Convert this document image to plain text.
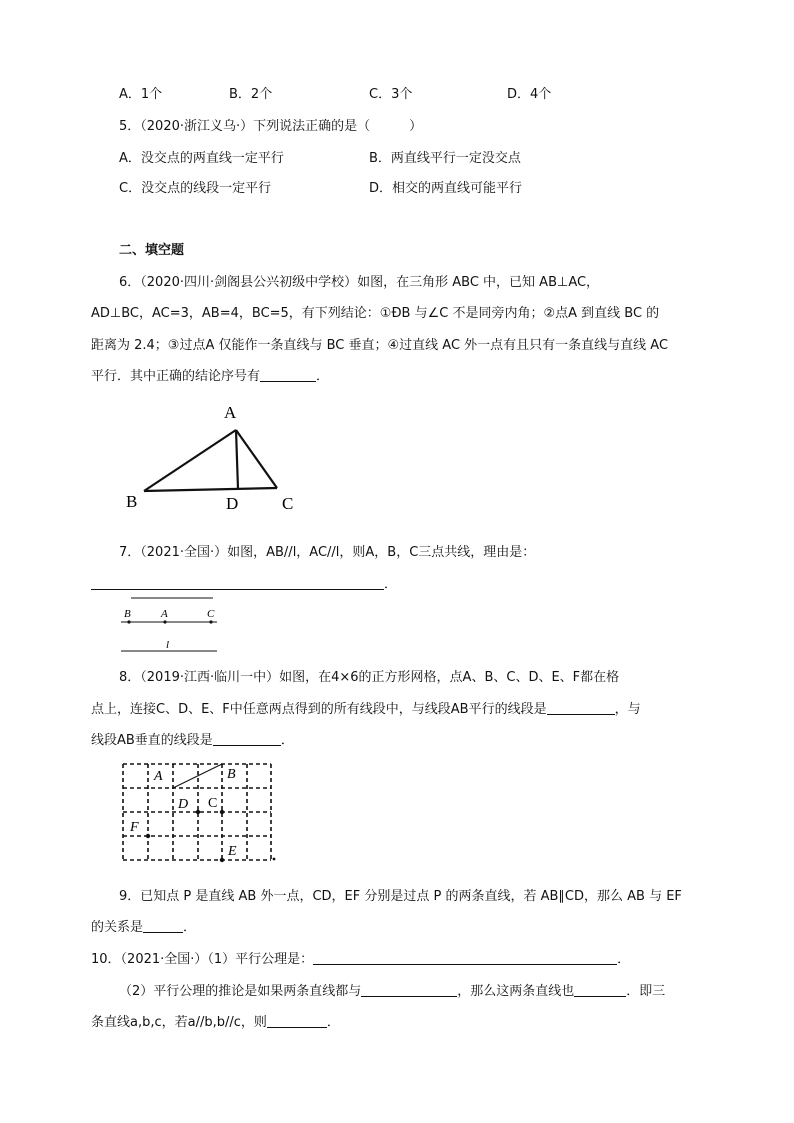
A．1个	B．2个	C．3个	D．4个
5．（2020·浙江义乌·）下列说法正确的是（　　　）
A．没交点的两直线一定平行	B．两直线平行一定没交点
C．没交点的线段一定平行	D．相交的两直线可能平行
二、填空题
6．（2020·四川·剑阁县公兴初级中学校）如图，在三角形 ABC 中，已知 AB⊥AC，
AD⊥BC，AC=3，AB=4，BC=5，有下列结论：①ÐB 与∠C 不是同旁内角；②点A 到直线 BC 的
距离为 2.4；③过点A 仅能作一条直线与 BC 垂直；④过直线 AC 外一点有且只有一条直线与直线 AC
平行．其中正确的结论序号有	．
A
B	D	C
7．（2021·全国·）如图，AB//l，AC//l，则A，B，C三点共线，理由是：
．
B	A	C
l
8．（2019·江西·临川一中）如图，在4×6的正方形网格，点A、B、C、D、E、F都在格
点上，连接C、D、E、F中任意两点得到的所有线段中，与线段AB平行的线段是	，与
线段AB垂直的线段是	．
A	B
D C
F
E
9．已知点 P 是直线 AB 外一点，CD，EF 分别是过点 P 的两条直线，若 AB∥CD，那么 AB 与 EF
的关系是	．
10．（2021·全国·）（1）平行公理是：	．
（2）平行公理的推论是如果两条直线都与	，那么这两条直线也	．即三
条直线a,b,c，若a//b,b//c，则	．
